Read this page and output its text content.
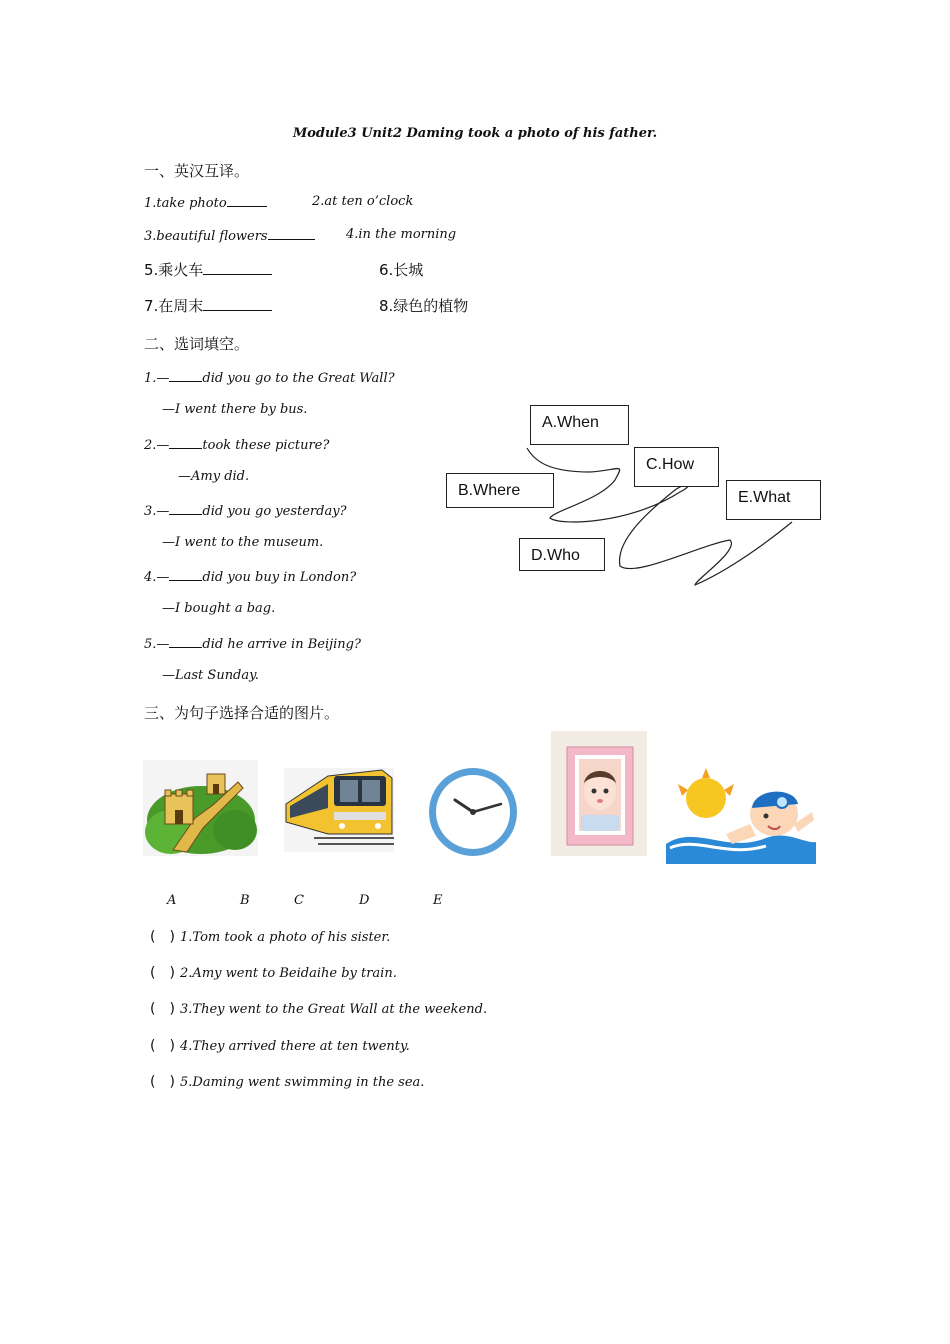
Module3 Unit2 Daming took a photo of his father.
一、英汉互译。
1.take photo	2.at ten o’clock
3.beautiful flowers	4.in the morning
5.乘火车	6.长城
7.在周末	8.绿色的植物
二、选词填空。
1.—	did you go to the Great Wall?
—I went there by bus.
2.—	took these picture?
—Amy did.
3.—	did you go yesterday?
—I went to the museum.
4.—	did you buy in London?
—I bought a bag.
5.—	did he arrive in Beijing?
—Last Sunday.
A.When
C.How
B.Where	E.What
D.Who
三、为句子选择合适的图片。
A	B	C	D	E
(　) 1.Tom took a photo of his sister.
(　) 2.Amy went to Beidaihe by train.
(　) 3.They went to the Great Wall at the weekend.
(　) 4.They arrived there at ten twenty.
(　) 5.Daming went swimming in the sea.
